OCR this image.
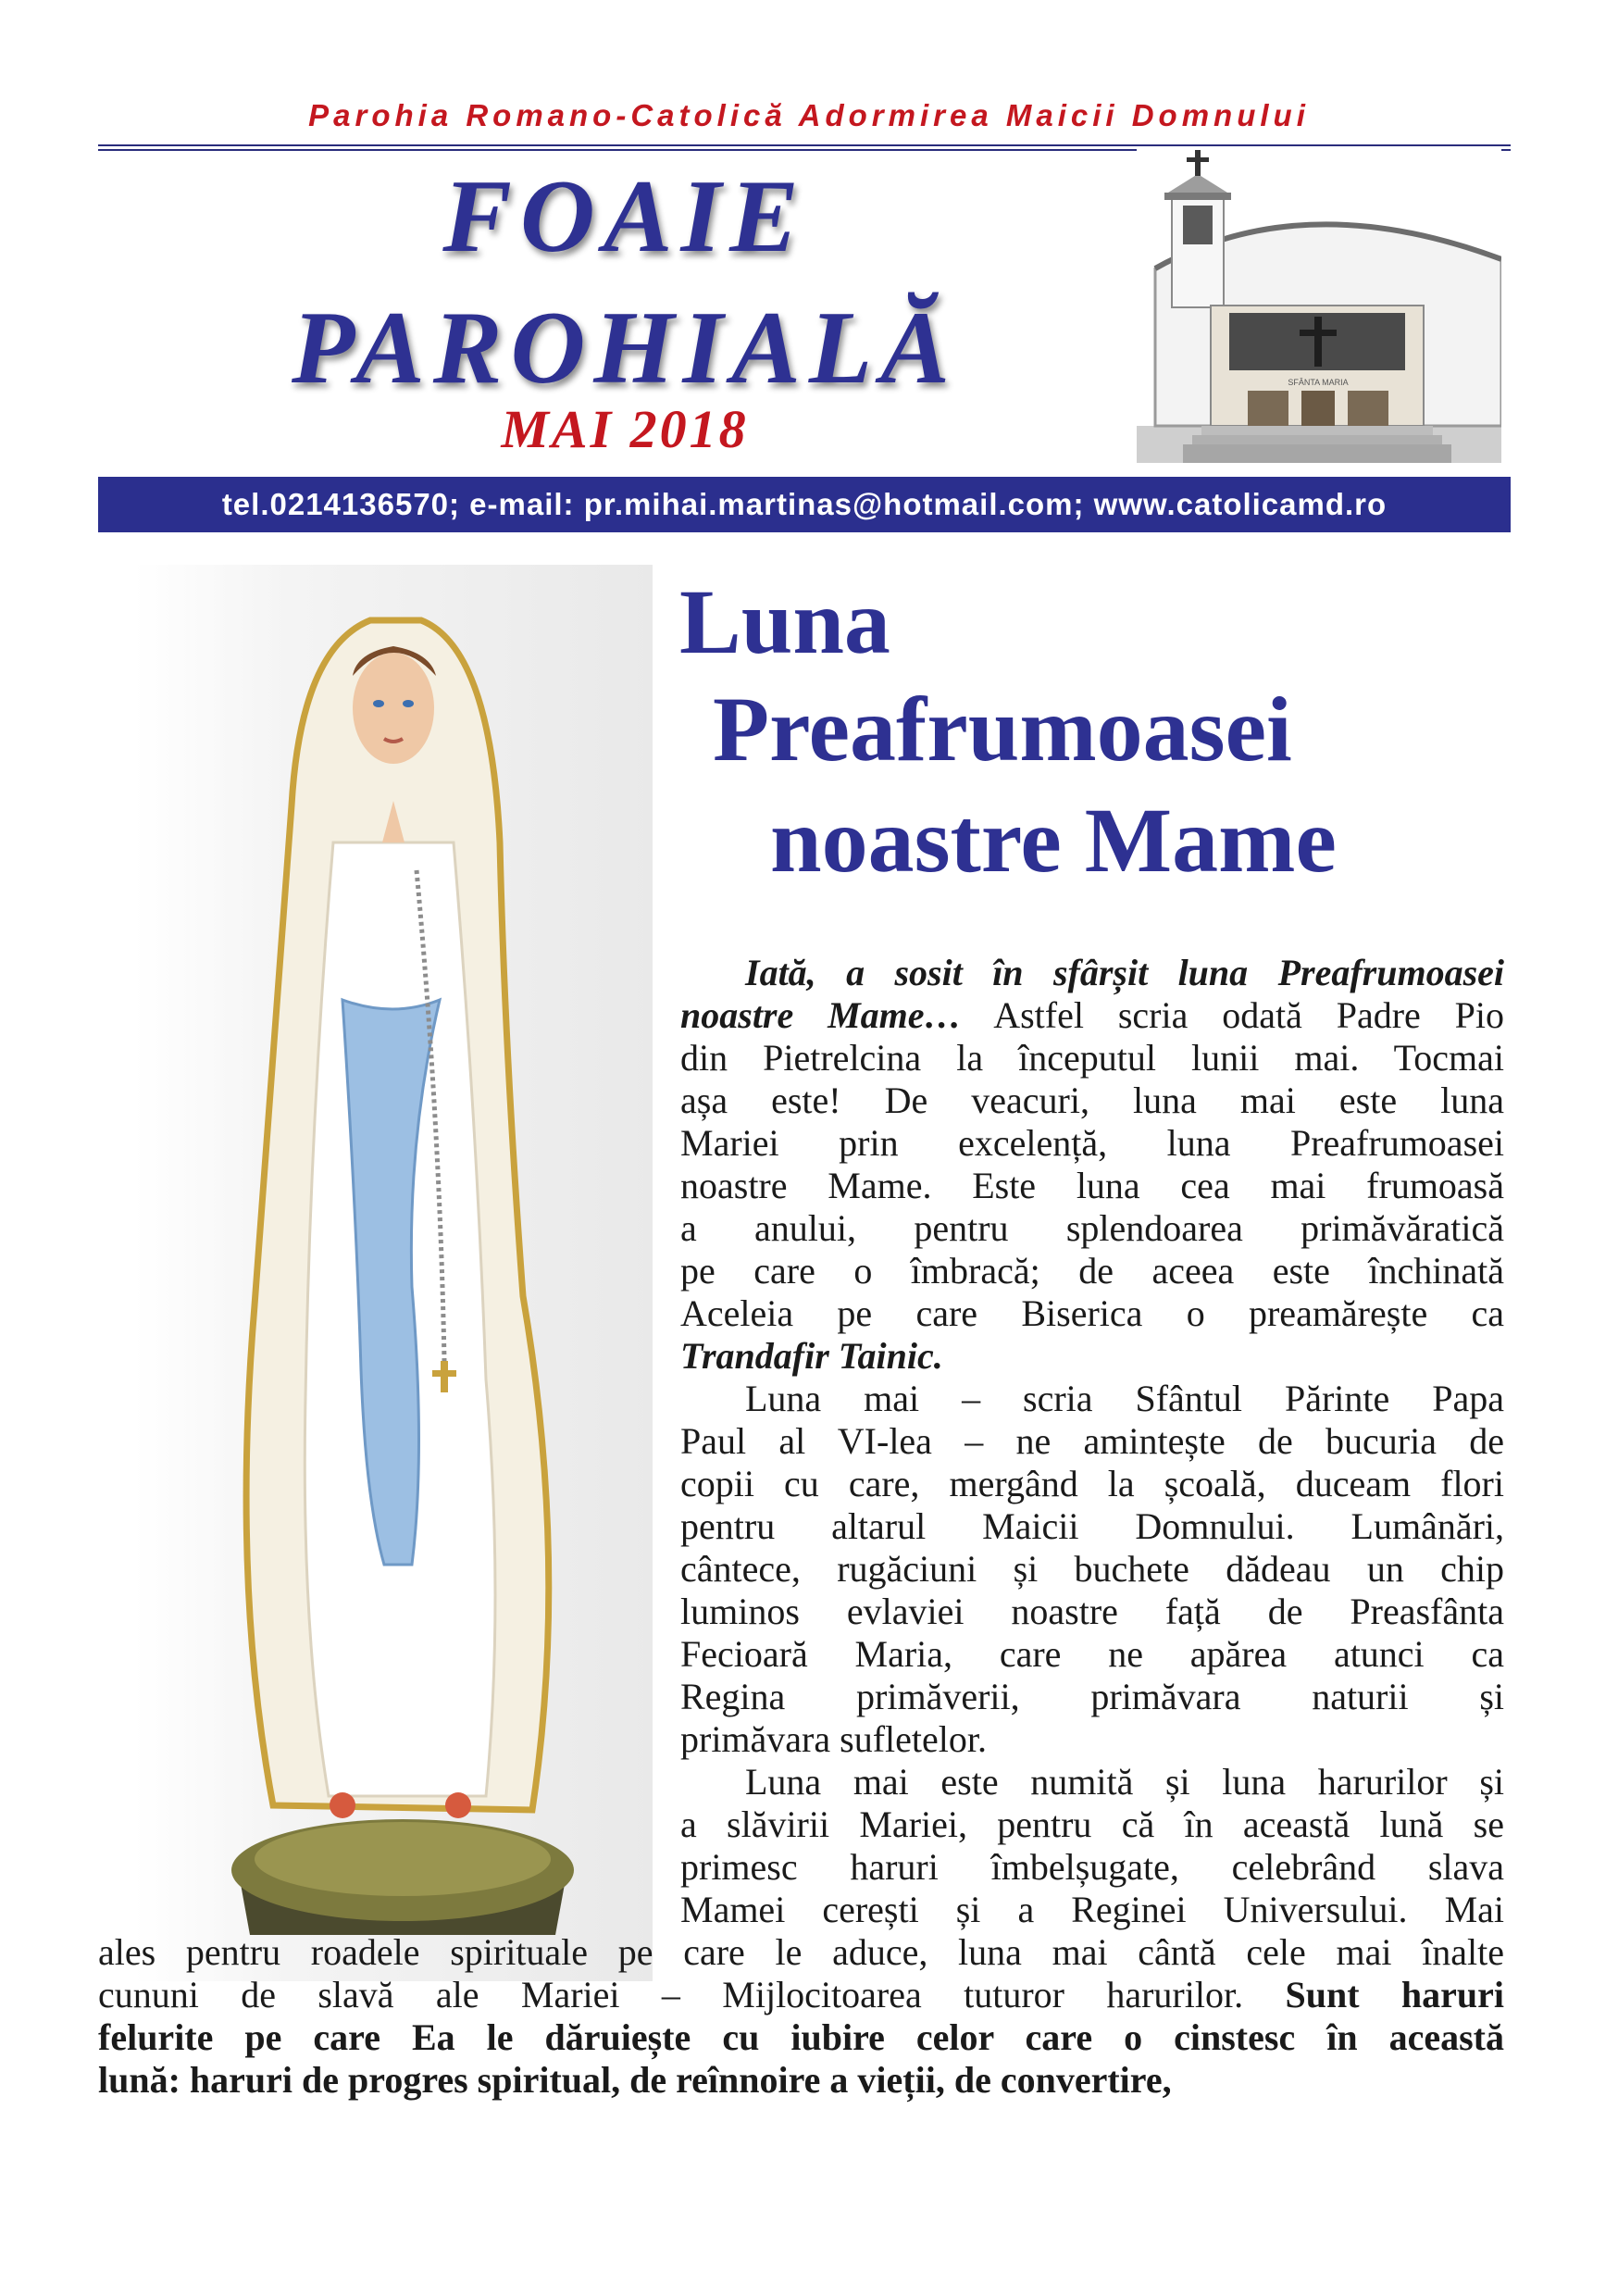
Parohia Romano-Catolică Adormirea Maicii Domnului
FOAIE
PAROHIALĂ
MAI 2018
SFÂNTA MARIA
tel.0214136570; e-mail: pr.mihai.martinas@hotmail.com; www.catolicamd.ro
Luna
Preafrumoasei
noastre Mame
Iată, a sosit în sfârșit luna Preafrumoasei
noastre Mame… Astfel scria odată Padre Pio
din Pietrelcina la începutul lunii mai. Tocmai
așa este! De veacuri, luna mai este luna
Mariei prin excelență, luna Preafrumoasei
noastre Mame. Este luna cea mai frumoasă
a anului, pentru splendoarea primăvăratică
pe care o îmbracă; de aceea este închinată
Aceleia pe care Biserica o preamărește ca
Trandafir Tainic.
Luna mai – scria Sfântul Părinte Papa
Paul al VI-lea – ne amintește de bucuria de
copii cu care, mergând la școală, duceam flori
pentru altarul Maicii Domnului. Lumânări,
cântece, rugăciuni și buchete dădeau un chip
luminos evlaviei noastre față de Preasfânta
Fecioară Maria, care ne apărea atunci ca
Regina primăverii, primăvara naturii și
primăvara sufletelor.
Luna mai este numită și luna harurilor și
a slăvirii Mariei, pentru că în această lună se
primesc haruri îmbelșugate, celebrând slava
Mamei cerești și a Reginei Universului. Mai
ales pentru roadele spirituale pe care le aduce, luna mai cântă cele mai înalte
cununi de slavă ale Mariei – Mijlocitoarea tuturor harurilor. Sunt haruri
felurite pe care Ea le dăruiește cu iubire celor care o cinstesc în această
lună: haruri de progres spiritual, de reînnoire a vieții, de convertire,
